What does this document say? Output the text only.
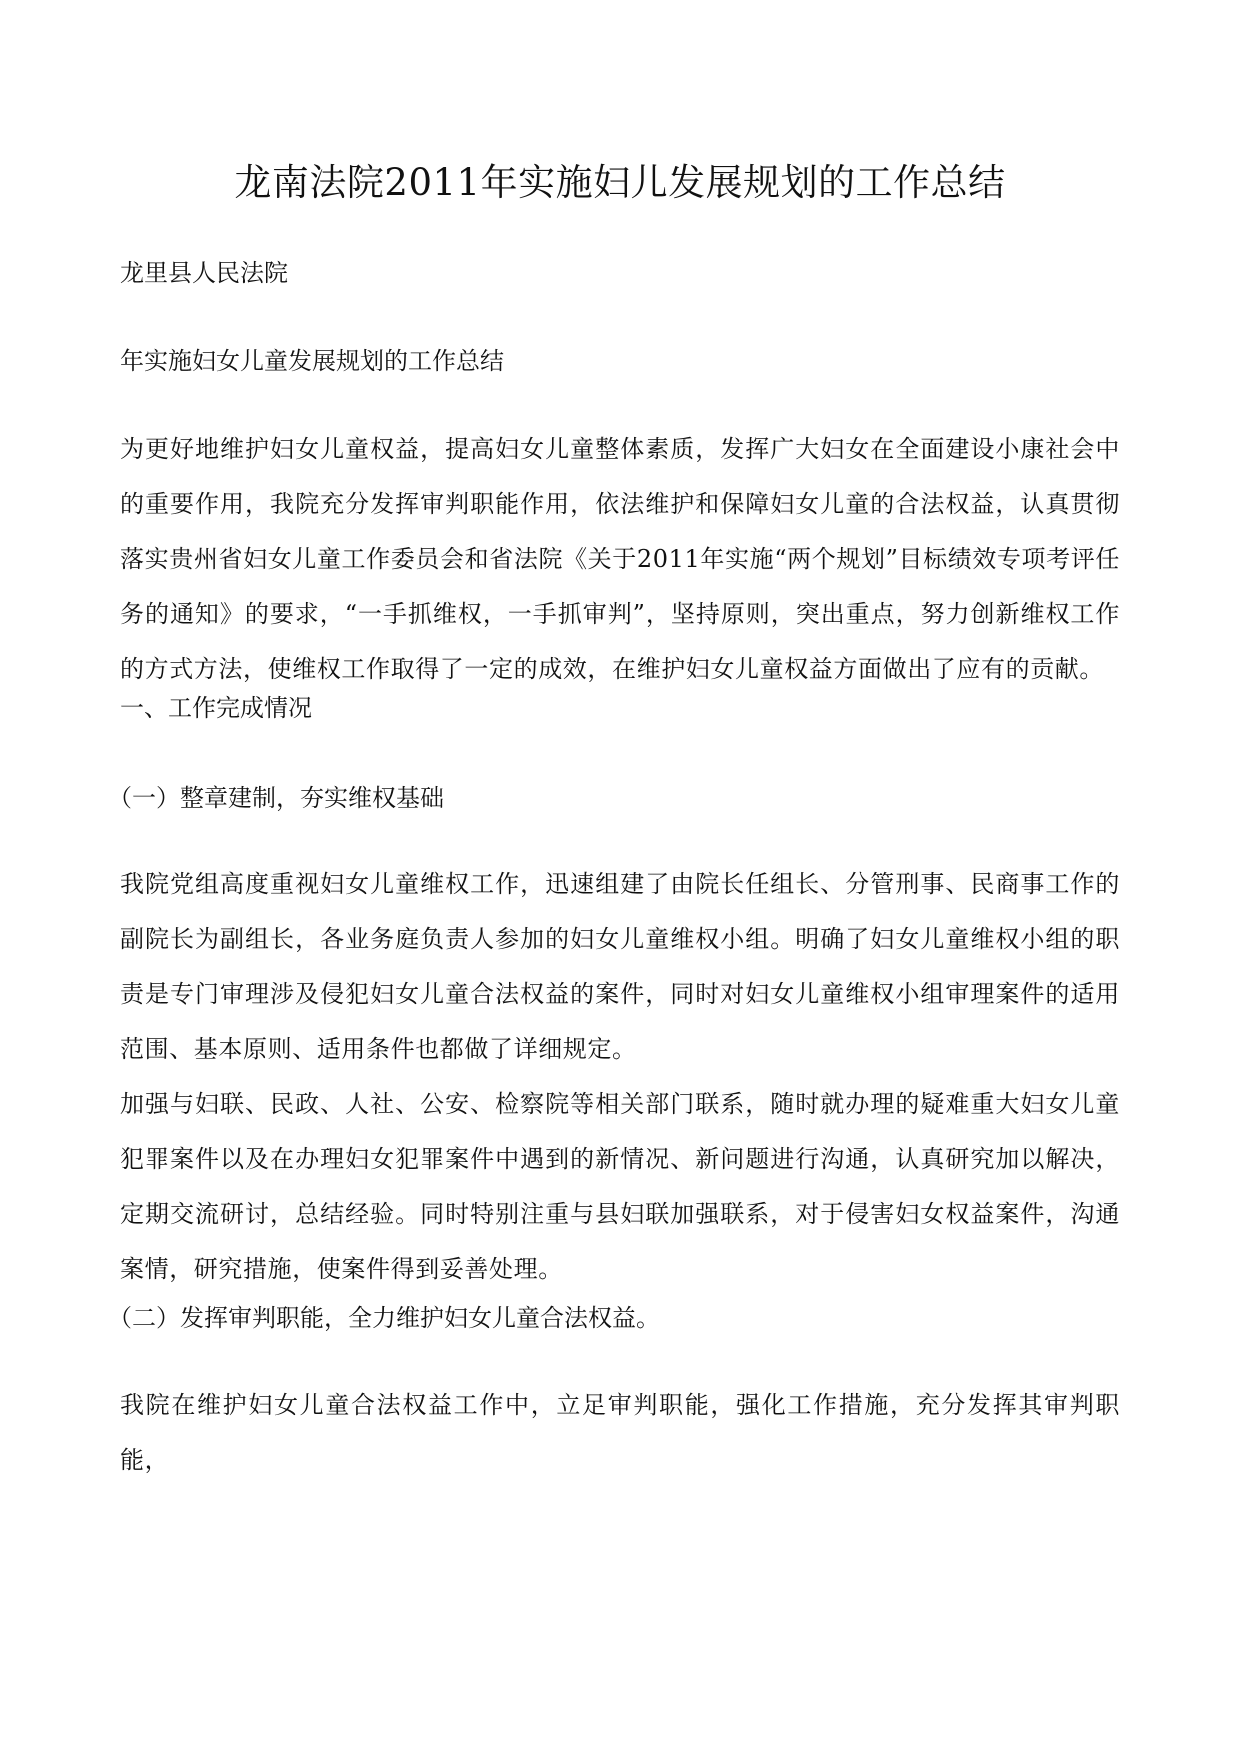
龙南法院2011年实施妇儿发展规划的工作总结

龙里县人民法院

年实施妇女儿童发展规划的工作总结

为更好地维护妇女儿童权益，提高妇女儿童整体素质，发挥广大妇女在全面建设小康社会中的重要作用，我院充分发挥审判职能作用，依法维护和保障妇女儿童的合法权益，认真贯彻落实贵州省妇女儿童工作委员会和省法院《关于2011年实施“两个规划”目标绩效专项考评任务的通知》的要求，“一手抓维权，一手抓审判”，坚持原则，突出重点，努力创新维权工作的方式方法，使维权工作取得了一定的成效，在维护妇女儿童权益方面做出了应有的贡献。

一、工作完成情况

（一）整章建制，夯实维权基础

我院党组高度重视妇女儿童维权工作，迅速组建了由院长任组长、分管刑事、民商事工作的副院长为副组长，各业务庭负责人参加的妇女儿童维权小组。明确了妇女儿童维权小组的职责是专门审理涉及侵犯妇女儿童合法权益的案件，同时对妇女儿童维权小组审理案件的适用范围、基本原则、适用条件也都做了详细规定。

加强与妇联、民政、人社、公安、检察院等相关部门联系，随时就办理的疑难重大妇女儿童犯罪案件以及在办理妇女犯罪案件中遇到的新情况、新问题进行沟通，认真研究加以解决，定期交流研讨，总结经验。同时特别注重与县妇联加强联系，对于侵害妇女权益案件，沟通案情，研究措施，使案件得到妥善处理。

（二）发挥审判职能，全力维护妇女儿童合法权益。

我院在维护妇女儿童合法权益工作中，立足审判职能，强化工作措施，充分发挥其审判职能，
